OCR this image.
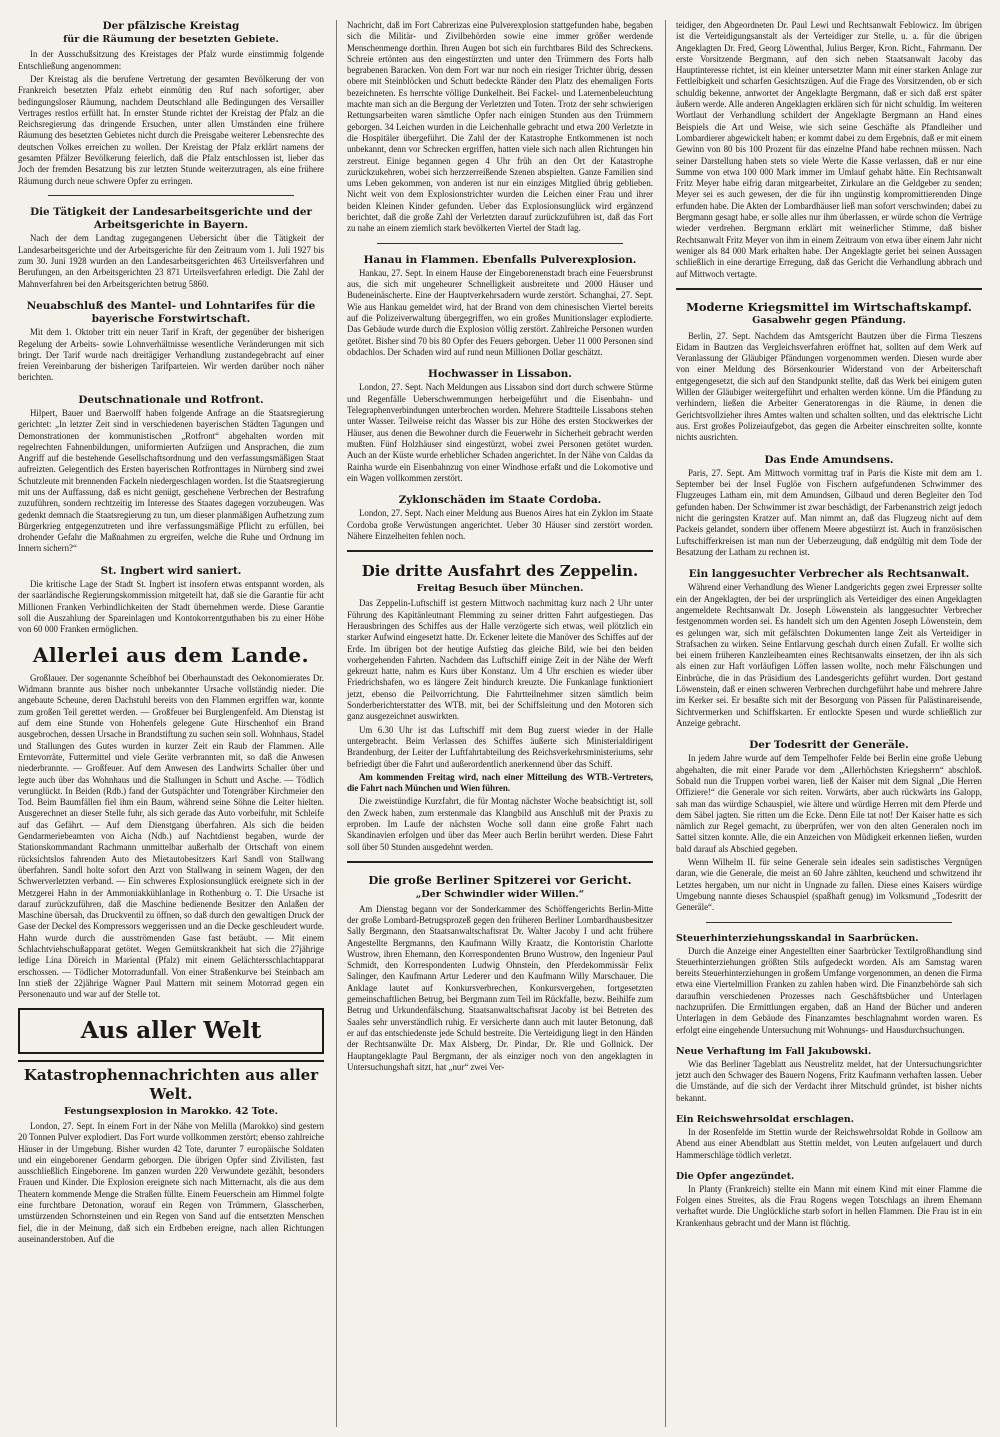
Der pfälzische Kreistag
für die Räumung der besetzten Gebiete.

In der Ausschußsitzung des Kreistages der Pfalz wurde einstimmig folgende Entschließung angenommen:

Der Kreistag als die berufene Vertretung der gesamten Bevölkerung der von Frankreich besetzten Pfalz erhebt einmütig den Ruf nach sofortiger, aber bedingungsloser Räumung, nachdem Deutschland alle Bedingungen des Versailler Vertrages restlos erfüllt hat. In ernster Stunde richtet der Kreistag der Pfalz an die Reichsregierung das dringende Ersuchen, unter allen Umständen eine frühere Räumung des besetzten Gebietes nicht durch die Preisgabe weiterer Lebensrechte des deutschen Volkes erreichen zu wollen. Der Kreistag der Pfalz erklärt namens der gesamten Pfälzer Bevölkerung feierlich, daß die Pfalz entschlossen ist, lieber das Joch der fremden Besatzung bis zur letzten Stunde weiterzutragen, als eine frühere Räumung durch neue schwere Opfer zu erringen.

Die Tätigkeit der Landesarbeitsgerichte und der Arbeitsgerichte in Bayern.

Nach der dem Landtag zugegangenen Uebersicht über die Tätigkeit der Landesarbeitsgerichte und der Arbeitsgerichte für den Zeitraum vom 1. Juli 1927 bis zum 30. Juni 1928 wurden an den Landesarbeitsgerichten 463 Urteilsverfahren und Berufungen, an den Arbeitsgerichten 23 871 Urteilsverfahren erledigt. Die Zahl der Mahnverfahren bei den Arbeitsgerichten betrug 5860.

Neuabschluß des Mantel- und Lohntarifes für die bayerische Forstwirtschaft.

Mit dem 1. Oktober tritt ein neuer Tarif in Kraft, der gegenüber der bisherigen Regelung der Arbeits- sowie Lohnverhältnisse wesentliche Veränderungen mit sich bringt. Der Tarif wurde nach dreitägiger Verhandlung zustandegebracht auf einer freien Vereinbarung der bisherigen Tarifparteien. Wir werden darüber noch näher berichten.

Deutschnationale und Rotfront.

Hilpert, Bauer und Baerwolff haben folgende Anfrage an die Staatsregierung gerichtet: „In letzter Zeit sind in verschiedenen bayerischen Städten Tagungen und Demonstrationen der kommunistischen „Rotfront“ abgehalten worden mit regelrechten Fahnenbildungen, uniformierten Aufzügen und Ansprachen, die zum Angriff auf die bestehende Gesellschaftsordnung und den verfassungsmäßigen Staat aufreizten. Gelegentlich des Ersten bayerischen Rotfronttages in Nürnberg sind zwei Schutzleute mit brennenden Fackeln niedergeschlagen worden. Ist die Staatsregierung mit uns der Auffassung, daß es nicht genügt, geschehene Verbrechen der Bestrafung zuzuführen, sondern rechtzeitig im Interesse des Staates dagegen vorzubeugen. Was gedenkt demnach die Staatsregierung zu tun, um dieser planmäßigen Aufhetzung zum Bürgerkrieg entgegenzutreten und ihre verfassungsmäßige Pflicht zu erfüllen, bei drohender Gefahr die Maßnahmen zu ergreifen, welche die Ruhe und Ordnung im Innern sichern?“

St. Ingbert wird saniert.

Die kritische Lage der Stadt St. Ingbert ist insofern etwas entspannt worden, als der saarländische Regierungskommission mitgeteilt hat, daß sie die Garantie für acht Millionen Franken Verbindlichkeiten der Stadt übernehmen werde. Diese Garantie soll die Auszahlung der Spareinlagen und Kontokorrentguthaben bis zu einer Höhe von 60 000 Franken ermöglichen.

Allerlei aus dem Lande.

Großlauer. Der sogenannte Scheibhof bei Oberhaunstadt des Oekonomierates Dr. Widmann brannte aus bisher noch unbekannter Ursache vollständig nieder. Die angebaute Scheune, deren Dachstuhl bereits von den Flammen ergriffen war, konnte zum großen Teil gerettet werden. — Großfeuer bei Burglengenfeld. Am Dienstag ist auf dem eine Stunde von Hohenfels gelegene Gute Hirschenhof ein Brand ausgebrochen, dessen Ursache in Brandstiftung zu suchen sein soll. Wohnhaus, Stadel und Stallungen des Gutes wurden in kurzer Zeit ein Raub der Flammen. Alle Erntevorräte, Futtermittel und viele Geräte verbrannten mit, so daß die Anwesen niederbrannte. — Großfeuer. Auf dem Anwesen des Landwirts Schaller über und legte auch über das Wohnhaus und die Stallungen in Schutt und Asche. — Tödlich verunglückt. In Beiden (Rdb.) fand der Gutspächter und Totengräber Kirchmeier den Tod. Beim Baumfällen fiel ihm ein Baum, während seine Söhne die Leiter hielten. Ausgerechnet an dieser Stelle fuhr, als sich gerade das Auto vorbeifuhr, mit Schleife auf das Gefährt. — Auf dem Dienstgang überfahren. Als sich die beiden Gendarmeriebeamten von Aicha (Ndb.) auf Nachtdienst begaben, wurde der Stationskommandant Rachmann unmittelbar außerhalb der Ortschaft von einem rücksichtslos fahrenden Auto des Mietautobesitzers Karl Sandl von Stallwang überfahren. Sandl holte sofort den Arzt von Stallwang in seinem Wagen, der den Schwerverletzten verband. — Ein schweres Explosionsunglück ereignete sich in der Metzgerei Hahn in der Ammoniakkühlanlage in Rothenburg o. T. Die Ursache ist darauf zurückzuführen, daß die Maschine bedienende Besitzer den Anlaßen der Maschine übersah, das Druckventil zu öffnen, so daß durch den gewaltigen Druck der Gase der Deckel des Kompressors weggerissen und an die Decke geschleudert wurde. Hahn wurde durch die ausströmenden Gase fast betäubt. — Mit einem Schlachtviehschußapparat getötet. Wegen Gemütskrankheit hat sich die 27jährige ledige Lina Döreich in Mariental (Pfalz) mit einem Gelächtersschlachtapparat erschossen. — Tödlicher Motorradunfall. Von einer Straßenkurve bei Steinbach am Inn stieß der 22jährige Wagner Paul Mattern mit seinem Motorrad gegen ein Personenauto und war auf der Stelle tot.

Aus aller Welt
Katastrophennachrichten aus aller Welt.
Festungsexplosion in Marokko. 42 Tote.

London, 27. Sept. In einem Fort in der Nähe von Melilla (Marokko) sind gestern 20 Tonnen Pulver explodiert. Das Fort wurde vollkommen zerstört; ebenso zahlreiche Häuser in der Umgebung. Bisher wurden 42 Tote, darunter 7 europäische Soldaten und ein eingeborener Gendarm geborgen. Die übrigen Opfer sind Zivilisten, fast ausschließlich Eingeborene. Im ganzen wurden 220 Verwundete gezählt, besonders Frauen und Kinder. Die Explosion ereignete sich nach Mitternacht, als die aus dem Theatern kommende Menge die Straßen füllte. Einem Feuerschein am Himmel folgte eine furchtbare Detonation, worauf ein Regen von Trümmern, Glasscherben, umstürzenden Schornsteinen und ein Regen von Sand auf die entsetzten Menschen fiel, die in der Meinung, daß sich ein Erdbeben ereigne, nach allen Richtungen auseinanderstoben. Auf die

Nachricht, daß im Fort Cabrerizas eine Pulverexplosion stattgefunden habe, begaben sich die Militär- und Zivilbehörden sowie eine immer größer werdende Menschenmenge dorthin. Ihren Augen bot sich ein furchtbares Bild des Schreckens. Schreie ertönten aus den eingestürzten und unter den Trümmern des Forts halb begrabenen Baracken. Von dem Fort war nur noch ein riesiger Trichter übrig, dessen obere mit Steinblöcken und Schutt bedeckte Ränder den Platz des ehemaligen Forts bezeichneten. Es herrschte völlige Dunkelheit. Bei Fackel- und Laternenbeleuchtung machte man sich an die Bergung der Verletzten und Toten. Trotz der sehr schwierigen Rettungsarbeiten waren sämtliche Opfer nach einigen Stunden aus den Trümmern geborgen. 34 Leichen wurden in die Leichenhalle gebracht und etwa 200 Verletzte in die Hospitäler übergeführt. Die Zahl der der Katastrophe Entkommenen ist noch unbekannt, denn vor Schrecken ergriffen, hatten viele sich nach allen Richtungen hin zerstreut. Einige begannen gegen 4 Uhr früh an den Ort der Katastrophe zurückzukehren, wobei sich herzzerreißende Szenen abspielten. Ganze Familien sind ums Leben gekommen, von anderen ist nur ein einziges Mitglied übrig geblieben. Nicht weit von dem Explosionstrichter wurden die Leichen einer Frau und ihrer beiden Kleinen Kinder gefunden. Ueber das Explosionsunglück wird ergänzend berichtet, daß die große Zahl der Verletzten darauf zurückzuführen ist, daß das Fort zu nahe an einem ziemlich stark bevölkerten Viertel der Stadt lag.

Hanau in Flammen. Ebenfalls Pulverexplosion.

Hankau, 27. Sept. In einem Hause der Eingeborenenstadt brach eine Feuersbrunst aus, die sich mit ungeheurer Schnelligkeit ausbreitete und 2000 Häuser und Budeneinäscherte. Eine der Hauptverkehrsadern wurde zerstört. Schanghai, 27. Sept. Wie aus Hankau gemeldet wird, hat der Brand von dem chinesischen Viertel bereits auf die Polizeiverwaltung übergegriffen, wo ein großes Munitionslager explodierte. Das Gebäude wurde durch die Explosion völlig zerstört. Zahlreiche Personen wurden getötet. Bisher sind 70 bis 80 Opfer des Feuers geborgen. Ueber 11 000 Personen sind obdachlos. Der Schaden wird auf rund neun Millionen Dollar geschätzt.

Hochwasser in Lissabon.

London, 27. Sept. Nach Meldungen aus Lissabon sind dort durch schwere Stürme und Regenfälle Ueberschwemmungen herbeigeführt und die Eisenbahn- und Telegraphenverbindungen unterbrochen worden. Mehrere Stadtteile Lissabons stehen unter Wasser. Teilweise reicht das Wasser bis zur Höhe des ersten Stockwerkes der Häuser, aus denen die Bewohner durch die Feuerwehr in Sicherheit gebracht werden mußten. Fünf Holzhäuser sind eingestürzt, wobei zwei Personen getötet wurden. Auch an der Küste wurde erheblicher Schaden angerichtet. In der Nähe von Caldas da Rainha wurde ein Eisenbahnzug von einer Windhose erfaßt und die Lokomotive und ein Wagen vollkommen zerstört.

Zyklonschäden im Staate Cordoba.

London, 27. Sept. Nach einer Meldung aus Buenos Aires hat ein Zyklon im Staate Cordoba große Verwüstungen angerichtet. Ueber 30 Häuser sind zerstört worden. Nähere Einzelheiten fehlen noch.

Die dritte Ausfahrt des Zeppelin.
Freitag Besuch über München.

Das Zeppelin-Luftschiff ist gestern Mittwoch nachmittag kurz nach 2 Uhr unter Führung des Kapitänleutnant Flemming zu seiner dritten Fahrt aufgestiegen. Das Herausbringen des Schiffes aus der Halle verzögerte sich etwas, weil plötzlich ein starker Aufwind eingesetzt hatte. Dr. Eckener leitete die Manöver des Schiffes auf der Erde. Im übrigen bot der heutige Aufstieg das gleiche Bild, wie bei den beiden vorhergehenden Fahrten. Nachdem das Luftschiff einige Zeit in der Nähe der Werft gekreuzt hatte, nahm es Kurs über Konstanz. Um 4 Uhr erschien es wieder über Friedrichshafen, wo es längere Zeit hindurch kreuzte. Die Funkanlage funktioniert jetzt, ebenso die Peilvorrichtung. Die Fahrtteilnehmer sitzen sämtlich beim Sonderberichterstatter des WTB. mit, bei der Schiffsleitung und den Motoren sich ganz ausgezeichnet auswirkten.

Um 6.30 Uhr ist das Luftschiff mit dem Bug zuerst wieder in der Halle untergebracht. Beim Verlassen des Schiffes äußerte sich Ministerialdirigent Brandenburg, der Leiter der Luftfahrtabteilung des Reichsverkehrsministeriums, sehr befriedigt über die Fahrt und außerordentlich anerkennend über das Schiff.

Am kommenden Freitag wird, nach einer Mitteilung des WTB.-Vertreters, die Fahrt nach München und Wien führen.

Die zweistündige Kurzfahrt, die für Montag nächster Woche beabsichtigt ist, soll den Zweck haben, zum erstenmale das Klangbild aus Anschluß mit der Praxis zu erproben. Im Laufe der nächsten Woche soll dann eine große Fahrt nach Skandinavien erfolgen und über das Meer auch Berlin berührt werden. Diese Fahrt soll über 50 Stunden ausgedehnt werden.

Die große Berliner Spitzerei vor Gericht.
„Der Schwindler wider Willen.“

Am Dienstag begann vor der Sonderkammer des Schöffengerichts Berlin-Mitte der große Lombard-Betrugsprozeß gegen den früheren Berliner Lombardhausbesitzer Sally Bergmann, den Staatsanwaltschaftsrat Dr. Walter Jacoby I und acht frühere Angestellte Bergmanns, den Kaufmann Willy Kraatz, die Kontoristin Charlotte Wustrow, ihren Ehemann, den Korrespondenten Bruno Wustrow, den Ingenieur Paul Schmidt, den Korrespondenten Ludwig Ohnstein, den Pferdekommissär Felix Salinger, den Kaufmann Artur Lederer und den Kaufmann Willy Marschauer. Die Anklage lautet auf Konkursverbrechen, Konkursvergehen, fortgesetzten gemeinschaftlichen Betrug, bei Bergmann zum Teil im Rückfalle, bezw. Beihilfe zum Betrug und Urkundenfälschung. Staatsanwaltschaftsrat Jacoby ist bei Betreten des Saales sehr unverständlich ruhig. Er versicherte dann auch mit lauter Betonung, daß er auf das entschiedenste jede Schuld bestreite. Die Verteidigung liegt in den Händen der Rechtsanwälte Dr. Max Alsberg, Dr. Pindar, Dr. Rle und Gollnick. Der Hauptangeklagte Paul Bergmann, der als einziger noch von den angeklagten in Untersuchungshaft sitzt, hat „nur“ zwei Ver-

teidiger, den Abgeordneten Dr. Paul Lewi und Rechtsanwalt Feblowicz. Im übrigen ist die Verteidigungsanstalt als der Verteidiger zur Stelle, u. a. für die übrigen Angeklagten Dr. Fred, Georg Löwenthal, Julius Berger, Kron. Richt., Fahrmann. Der erste Vorsitzende Bergmann, auf den sich neben Staatsanwalt Jacoby das Hauptinteresse richtet, ist ein kleiner untersetzter Mann mit einer starken Anlage zur Fettleibigkeit und scharfen Gesichtszügen. Auf die Frage des Vorsitzenden, ob er sich schuldig bekenne, antwortet der Angeklagte Bergmann, daß er sich daß erst später äußern werde. Alle anderen Angeklagten erklären sich für nicht schuldig. Im weiteren Wortlaut der Verhandlung schildert der Angeklagte Bergmann an Hand eines Beispiels die Art und Weise, wie sich seine Geschäfte als Pfandleiher und Lombardierer abgewickelt haben; er kommt dabei zu dem Ergebnis, daß er mit einem Gewinn von 80 bis 100 Prozent für das einzelne Pfand habe rechnen müssen. Nach seiner Darstellung haben stets so viele Werte die Kasse verlassen, daß er nur eine Summe von etwa 100 000 Mark immer im Umlauf gehabt hätte. Ein Rechtsanwalt Fritz Meyer habe eifrig daran mitgearbeitet, Zirkulare an die Geldgeber zu senden; Meyer sei es auch gewesen, der die für ihn ungünstig kompromittierenden Dinge erfunden habe. Die Akten der Lombardhäuser ließ man sofort verschwinden; dabei zu Bergmann gesagt habe, er solle alles nur ihm überlassen, er würde schon die Verträge wieder verdrehen. Bergmann erklärt mit weinerlicher Stimme, daß bisher Rechtsanwalt Fritz Meyer von ihm in einem Zeitraum von etwa über einem Jahr nicht weniger als 84 000 Mark erhalten habe. Der Angeklagte geriet bei seinen Aussagen schließlich in eine derartige Erregung, daß das Gericht die Verhandlung abbrach und auf Mittwoch vertagte.

Moderne Kriegsmittel im Wirtschaftskampf.
Gasabwehr gegen Pfändung.

Berlin, 27. Sept. Nachdem das Amtsgericht Bautzen über die Firma Tieszens Eidam in Bautzen das Vergleichsverfahren eröffnet hat, sollten auf dem Werk auf Veranlassung der Gläubiger Pfändungen vorgenommen werden. Diesen wurde aber von einer Meldung des Börsenkourier Widerstand von der Arbeiterschaft entgegengesetzt, die sich auf den Standpunkt stellte, daß das Werk bei einigem guten Willen der Gläubiger weitergeführt und erhalten werden könne. Um die Pfändung zu verhindern, ließen die Arbeiter Generatorengas in die Räume, in denen die Gerichtsvollzieher ihres Amtes walten und schalten sollten, und das elektrische Licht aus. Erst großes Polizeiaufgebot, das gegen die Arbeiter einschreiten sollte, konnte nichts ausrichten.

Das Ende Amundsens.

Paris, 27. Sept. Am Mittwoch vormittag traf in Paris die Kiste mit dem am 1. September bei der Insel Fuglöe von Fischern aufgefundenen Schwimmer des Flugzeuges Latham ein, mit dem Amundsen, Gilbaud und deren Begleiter den Tod gefunden haben. Der Schwimmer ist zwar beschädigt, der Farbenanstrich zeigt jedoch nicht die geringsten Kratzer auf. Man nimmt an, daß das Flugzeug nicht auf dem Packeis gelandet, sondern über offenem Meere abgestürzt ist. Auch in französischen Luftschifferkreisen ist man nun der Ueberzeugung, daß endgültig mit dem Tode der Besatzung der Latham zu rechnen ist.

Ein langgesuchter Verbrecher als Rechtsanwalt.

Während einer Verhandlung des Wiener Landgerichts gegen zwei Erpresser sollte ein der Angeklagten, der bei der ursprünglich als Verteidiger des einen Angeklagten angemeldete Rechtsanwalt Dr. Joseph Löwenstein als langgesuchter Verbrecher festgenommen worden sei. Es handelt sich um den Agenten Joseph Löwenstein, dem es gelungen war, sich mit gefälschten Dokumenten lange Zeit als Verteidiger in Strafsachen zu wirken. Seine Entlarvung geschah durch einen Zufall. Er wollte sich bei einem früheren Kanzleibeamten eines Rechtsanwalts einsetzen, der ihn als sich als einen zur Haft vorläufigen Löffen lassen wollte, noch mehr Fälschungen und Einbrüche, die in das Präsidium des Landesgerichts geführt wurden. Dort gestand Löwenstein, daß er einen schweren Verbrechen durchgeführt habe und mehrere Jahre im Kerker sei. Er besaßte sich mit der Besorgung von Pässen für Palästinareisende, Sichtvermerken und Schiffskarten. Er entlockte Spesen und wurde schließlich zur Anzeige gebracht.

Der Todesritt der Generäle.

In jedem Jahre wurde auf dem Tempelhofer Felde bei Berlin eine große Uebung abgehalten, die mit einer Parade vor dem „Allerhöchsten Kriegsherrn“ abschloß. Sobald nun die Truppen vorbei waren, ließ der Kaiser mit dem Signal „Die Herren Offiziere!“ die Generale vor sich reiten. Vorwärts, aber auch rückwärts ins Galopp, sah man das würdige Schauspiel, wie ältere und würdige Herren mit dem Pferde und dem Säbel jagten. Sie ritten um die Ecke. Denn Eile tat not! Der Kaiser hatte es sich nämlich zur Regel gemacht, zu überprüfen, wer von den alten Generalen noch im Sattel sitzen konnte. Alle, die ein Anzeichen von Müdigkeit erkennen ließen, wurden bald darauf als Abschied gegeben.

Wenn Wilhelm II. für seine Generale sein ideales sein sadistisches Vergnügen daran, wie die Generale, die meist an 60 Jahre zählten, keuchend und schwitzend ihr Letztes hergaben, um nur nicht in Ungnade zu fallen. Diese eines Kaisers würdige Umgebung nannte dieses Schauspiel (spaßhaft genug) im Volksmund „Todesritt der Generäle“.

Steuerhinterziehungsskandal in Saarbrücken.

Durch die Anzeige einer Angestellten einer Saarbrücker Textilgroßhandlung sind Steuerhinterziehungen größten Stils aufgedeckt worden. Als am Samstag waren bereits Steuerhinterziehungen in großem Umfange vorgenommen, an denen die Firma etwa eine Viertelmillion Franken zu zahlen haben wird. Die Finanzbehörde sah sich daraufhin verschiedenen Prozesses nach Geschäftsbücher und Unterlagen nachzuprüfen. Die Ermittlungen ergaben, daß an Hand der Bücher und anderen Unterlagen in dem Gebäude des Finanzamtes beschlagnahmt worden waren. Es erfolgt eine eingehende Untersuchung mit Wohnungs- und Hausdurchsuchungen.

Neue Verhaftung im Fall Jakubowski.

Wie das Berliner Tageblatt aus Neustrelitz meldet, hat der Untersuchungsrichter jetzt auch den Schwager des Bauern Nogens, Fritz Kaufmann verhaften lassen. Ueber die Umstände, auf die sich der Verdacht ihrer Mitschuld gründet, ist bisher nichts bekannt.

Ein Reichswehrsoldat erschlagen.

In der Rosenfelde im Stettin wurde der Reichswehrsoldat Rohde in Gollnow am Abend aus einer Abendblatt aus Stettin meldet, von Leuten aufgelauert und durch Hammerschläge tödlich verletzt.

Die Opfer angezündet.

In Planty (Frankreich) stellte ein Mann mit einem Kind mit einer Flamme die Folgen eines Streites, als die Frau Rogens wegen Totschlags an ihrem Ehemann verhaftet wurde. Die Unglückliche starb sofort in hellen Flammen. Die Frau ist in ein Krankenhaus gebracht und der Mann ist flüchtig.
